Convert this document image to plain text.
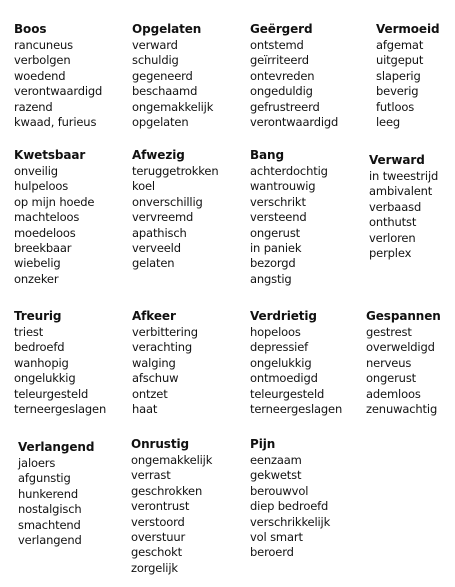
Boos
rancuneus
verbolgen
woedend
verontwaardigd
razend
kwaad, furieus
Opgelaten
verward
schuldig
gegeneerd
beschaamd
ongemakkelijk
opgelaten
Geërgerd
ontstemd
geïrriteerd
ontevreden
ongeduldig
gefrustreerd
verontwaardigd
Vermoeid
afgemat
uitgeput
slaperig
beverig
futloos
leeg
Kwetsbaar
onveilig
hulpeloos
op mijn hoede
machteloos
moedeloos
breekbaar
wiebelig
onzeker
Afwezig
teruggetrokken
koel
onverschillig
vervreemd
apathisch
verveeld
gelaten
Bang
achterdochtig
wantrouwig
verschrikt
versteend
ongerust
in paniek
bezorgd
angstig
Verward
in tweestrijd
ambivalent
verbaasd
onthutst
verloren
perplex
Treurig
triest
bedroefd
wanhopig
ongelukkig
teleurgesteld
terneergeslagen
Afkeer
verbittering
verachting
walging
afschuw
ontzet
haat
Verdrietig
hopeloos
depressief
ongelukkig
ontmoedigd
teleurgesteld
terneergeslagen
Gespannen
gestrest
overweldigd
nerveus
ongerust
ademloos
zenuwachtig
Verlangend
jaloers
afgunstig
hunkerend
nostalgisch
smachtend
verlangend
Onrustig
ongemakkelijk
verrast
geschrokken
verontrust
verstoord
overstuur
geschokt
zorgelijk
Pijn
eenzaam
gekwetst
berouwvol
diep bedroefd
verschrikkelijk
vol smart
beroerd
